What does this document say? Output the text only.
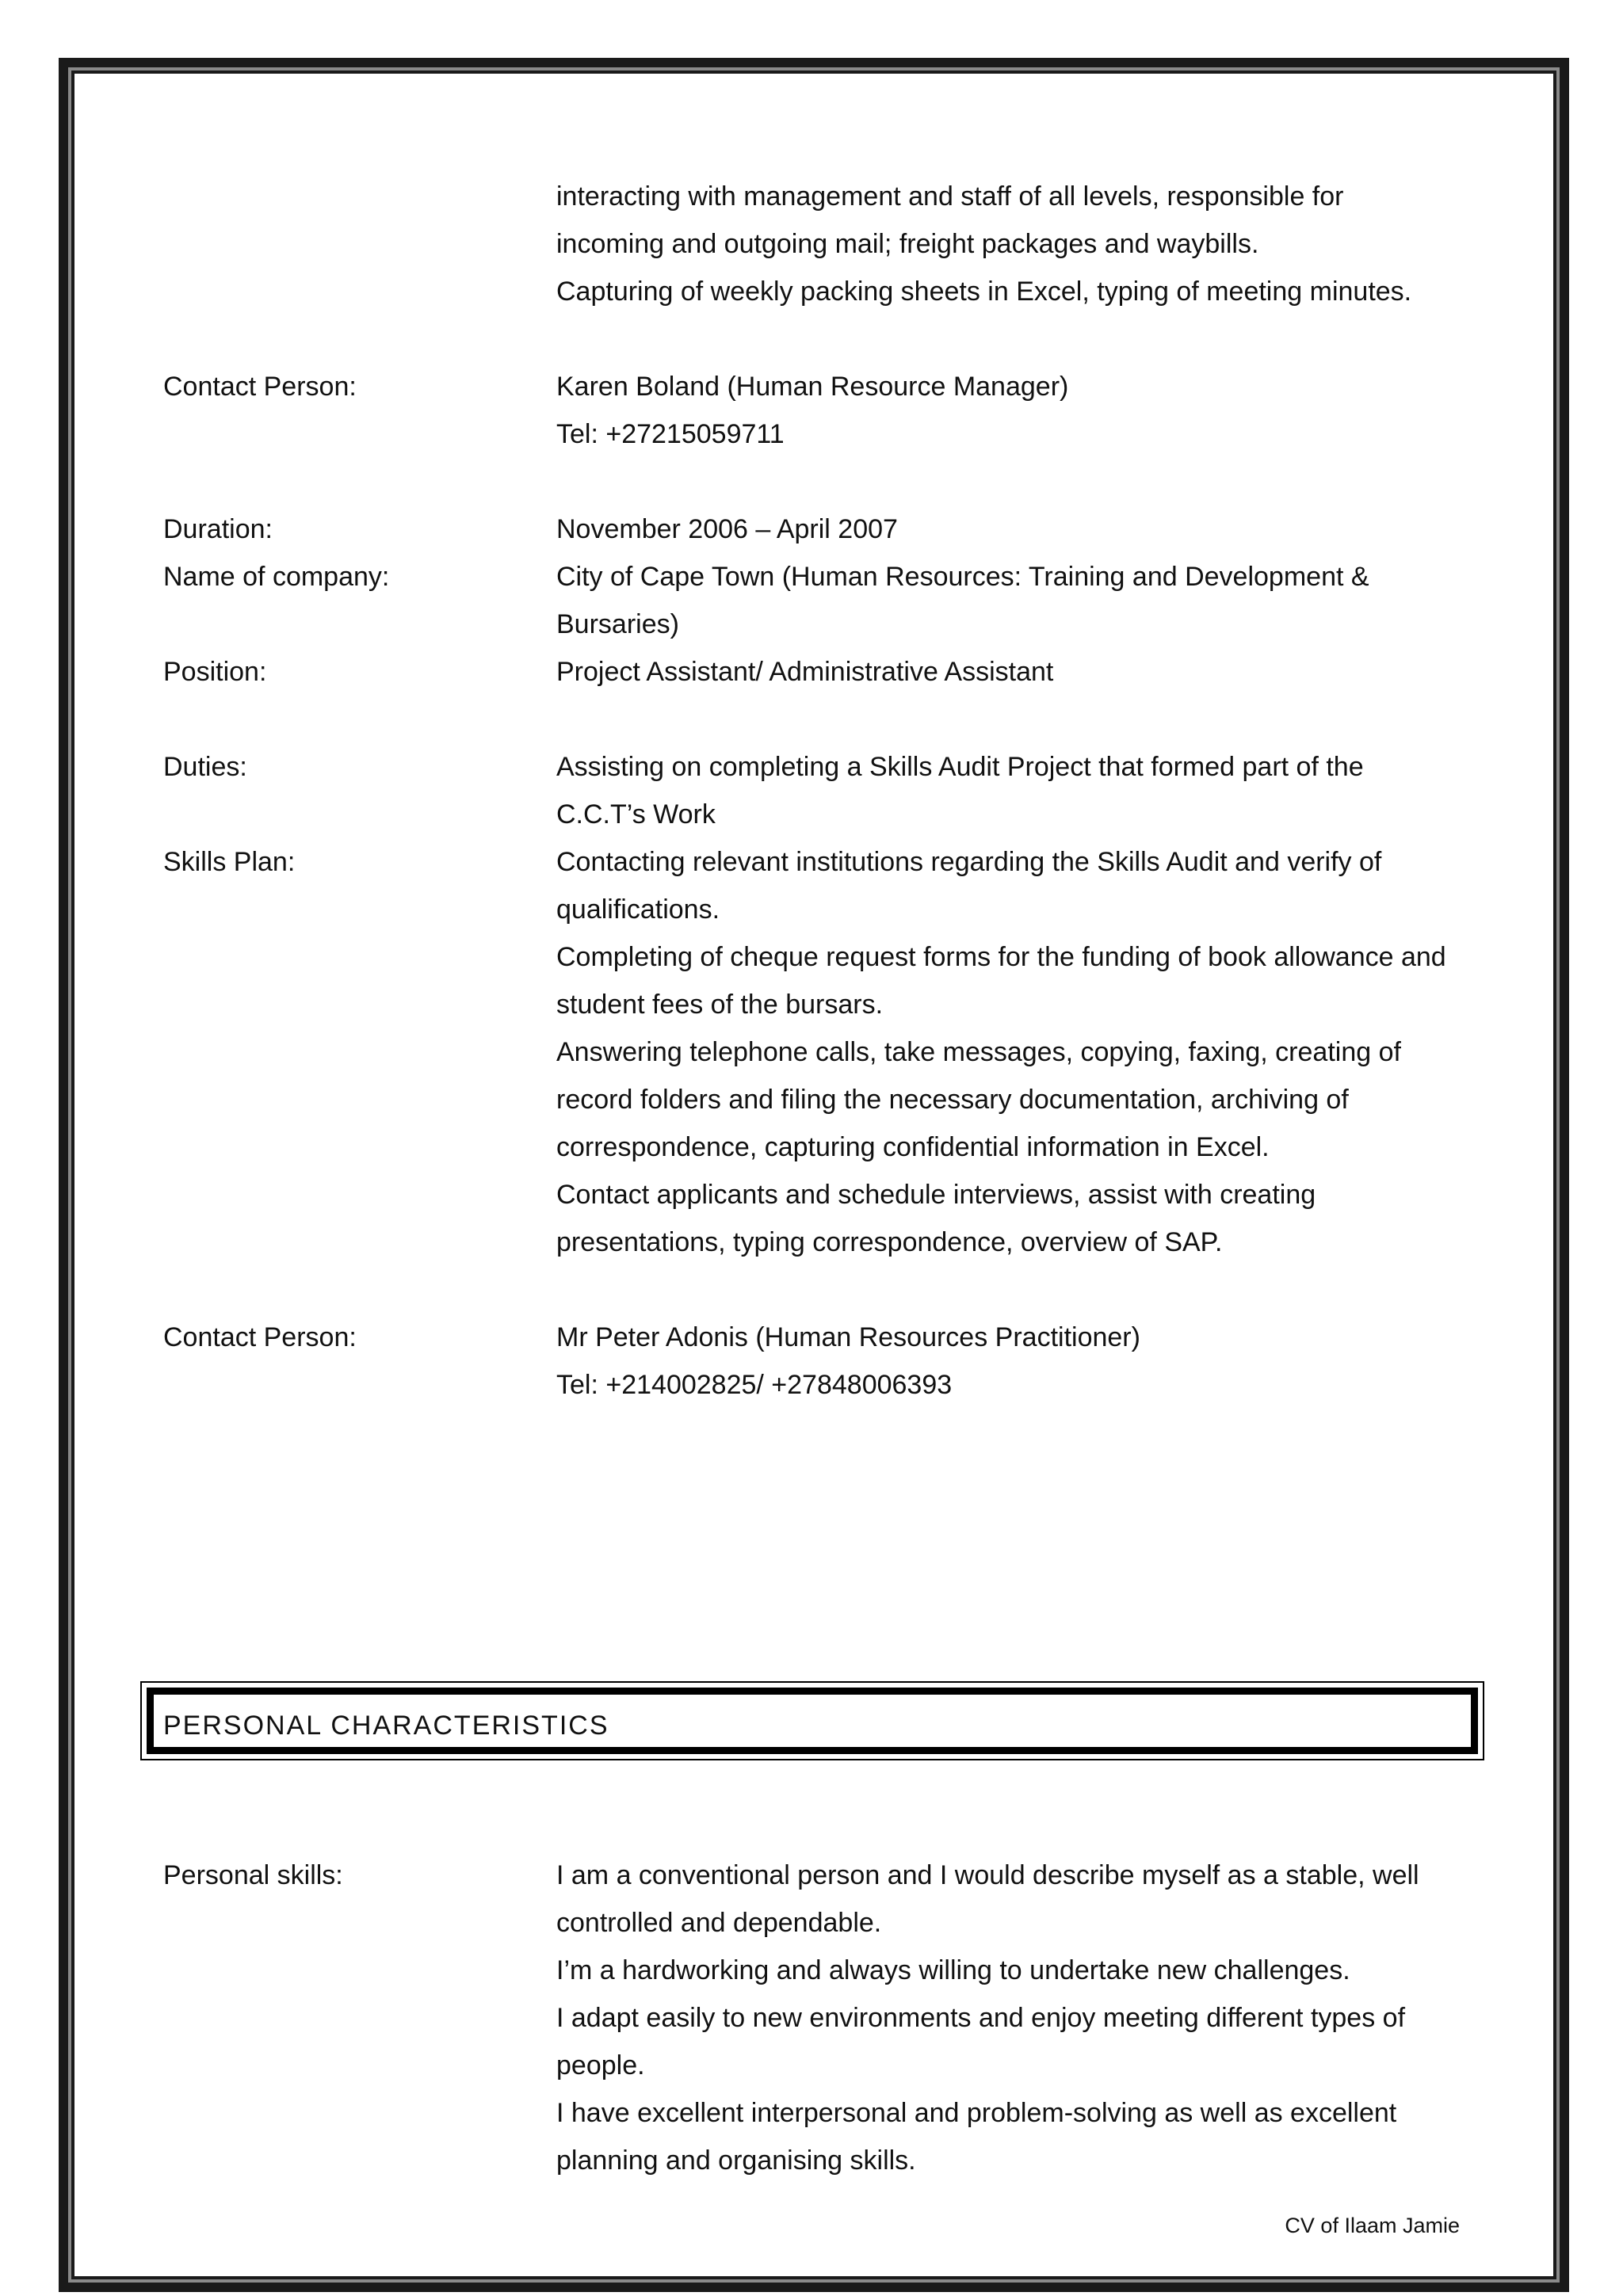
interacting with management and staff of all levels, responsible for
incoming and outgoing mail; freight packages and waybills.
Capturing of weekly packing sheets in Excel, typing of meeting minutes.
Contact Person:	Karen Boland (Human Resource Manager)
Tel: +27215059711
Duration:	November 2006 – April 2007
Name of company:	City of Cape Town (Human Resources: Training and Development &
Bursaries)
Position:	Project Assistant/ Administrative Assistant
Duties:	Assisting on completing a Skills Audit Project that formed part of the
C.C.T’s Work
Skills Plan:	Contacting relevant institutions regarding the Skills Audit and verify of
qualifications.
Completing of cheque request forms for the funding of book allowance and
student fees of the bursars.
Answering telephone calls, take messages, copying, faxing, creating of
record folders and filing the necessary documentation, archiving of
correspondence, capturing confidential information in Excel.
Contact applicants and schedule interviews, assist with creating
presentations, typing correspondence, overview of SAP.
Contact Person:	Mr Peter Adonis (Human Resources Practitioner)
Tel: +214002825/ +27848006393
PERSONAL CHARACTERISTICS
Personal skills:	I am a conventional person and I would describe myself as a stable, well
controlled and dependable.
I’m a hardworking and always willing to undertake new challenges.
I adapt easily to new environments and enjoy meeting different types of
people.
I have excellent interpersonal and problem-solving as well as excellent
planning and organising skills.
CV of Ilaam Jamie
